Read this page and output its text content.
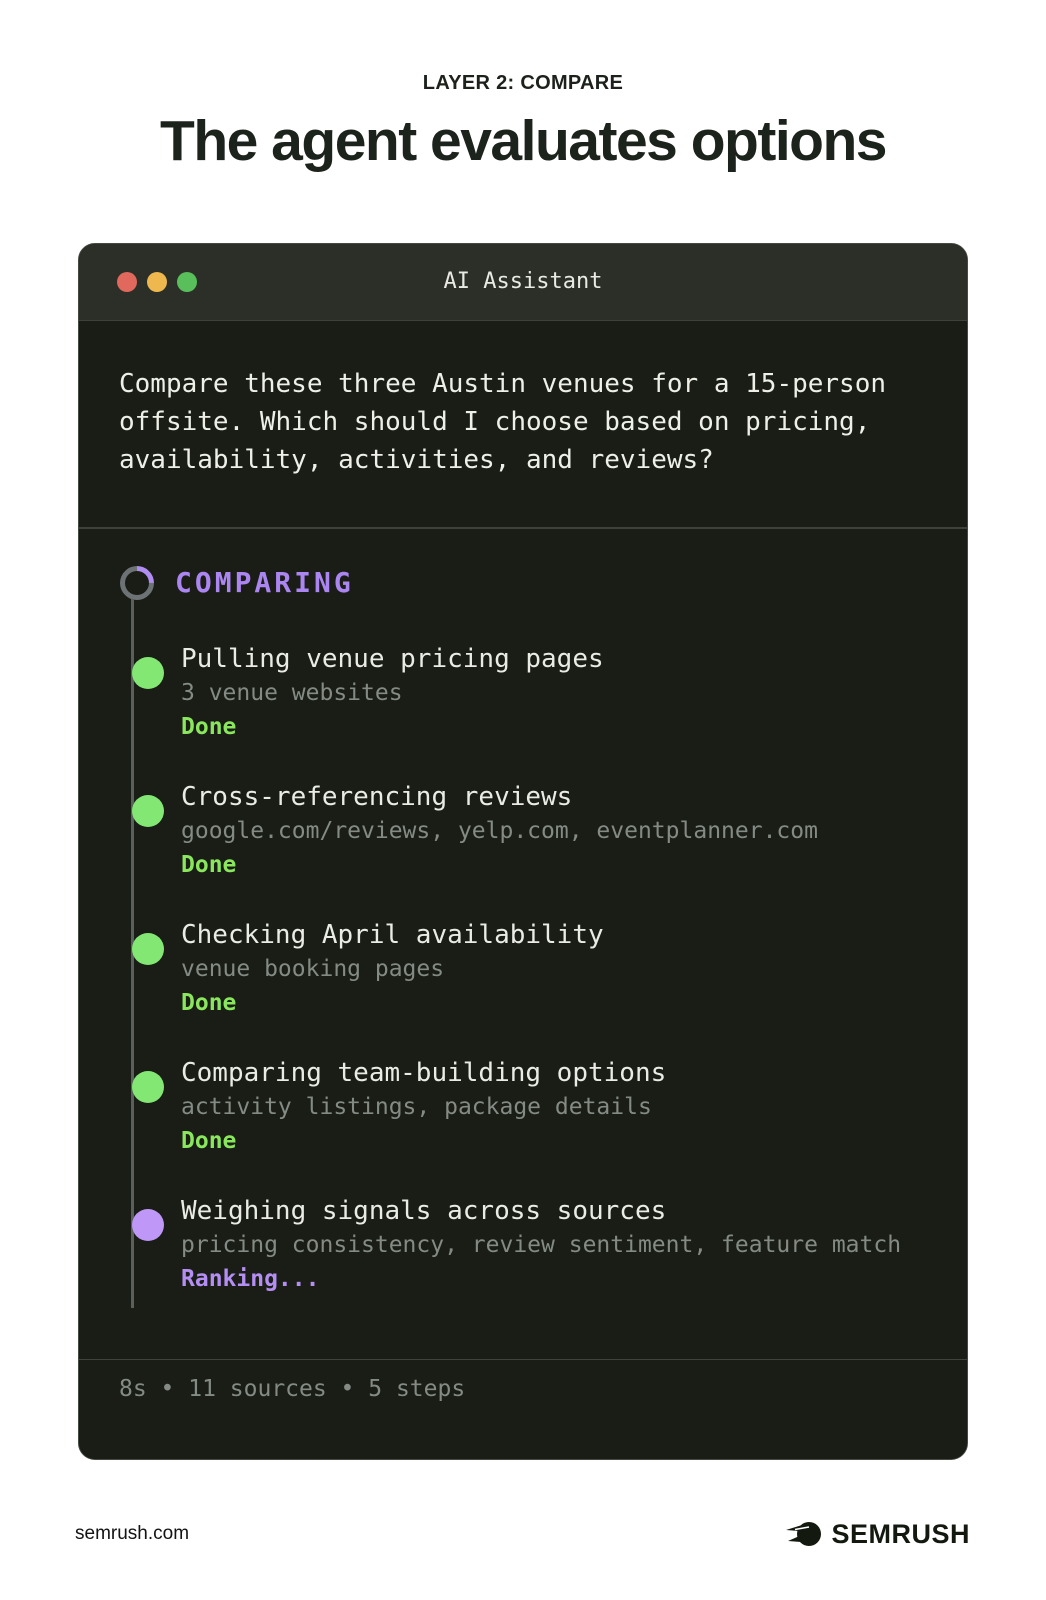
LAYER 2: COMPARE
The agent evaluates options
AI Assistant
Compare these three Austin venues for a 15-person offsite. Which should I choose based on pricing, availability, activities, and reviews?
COMPARING
Pulling venue pricing pages
3 venue websites
Done
Cross-referencing reviews
google.com/reviews, yelp.com, eventplanner.com
Done
Checking April availability
venue booking pages
Done
Comparing team-building options
activity listings, package details
Done
Weighing signals across sources
pricing consistency, review sentiment, feature match
Ranking...
8s • 11 sources • 5 steps
semrush.com	SEMRUSH
